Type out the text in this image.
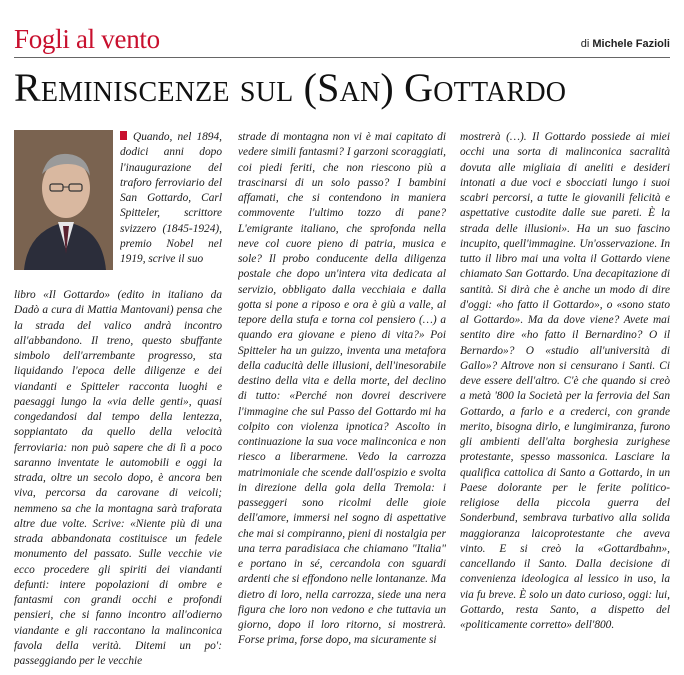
Fogli al vento	di Michele Fazioli
Reminiscenze sul (San) Gottardo

Quando, nel 1894, dodici anni dopo l'inaugurazione del traforo ferroviario del San Gottardo, Carl Spitteler, scrittore svizzero (1845-1924), premio Nobel nel 1919, scrive il suo

libro «Il Gottardo» (edito in italiano da Dadò a cura di Mattia Mantovani) pensa che la strada del valico andrà incontro all'abbandono. Il treno, questo sbuffante simbolo dell'arrembante progresso, sta liquidando l'epoca delle diligenze e dei viandanti e Spitteler racconta luoghi e paesaggi lungo la «via delle genti», quasi congedandosi dal tempo della lentezza, soppiantato da quello della velocità ferroviaria: non può sapere che di lì a poco saranno inventate le automobili e oggi la strada, oltre un secolo dopo, è ancora ben viva, percorsa da carovane di veicoli; nemmeno sa che la montagna sarà traforata altre due volte. Scrive: «Niente più di una strada abbandonata costituisce un fedele monumento del passato. Sulle vecchie vie ecco procedere gli spiriti dei viandanti defunti: intere popolazioni di ombre e fantasmi con grandi occhi e profondi pensieri, che si fanno incontro all'odierno viandante e gli raccontano la malinconica favola della verità. Ditemi un po': passeggiando per le vecchie

strade di montagna non vi è mai capitato di vedere simili fantasmi? I garzoni scoraggiati, coi piedi feriti, che non riescono più a trascinarsi di un solo passo? I bambini affamati, che si contendono in maniera commovente l'ultimo tozzo di pane? L'emigrante italiano, che sprofonda nella neve col cuore pieno di patria, musica e sole? Il probo conducente della diligenza postale che dopo un'intera vita dedicata al servizio, obbligato dalla vecchiaia e dalla gotta si pone a riposo e ora è giù a valle, al tepore della stufa e torna col pensiero (…) a quando era giovane e pieno di vita?» Poi Spitteler ha un guizzo, inventa una metafora della caducità delle illusioni, dell'inesorabile destino della vita e della morte, del declino di tutto: «Perché non dovrei descrivere l'immagine che sul Passo del Gottardo mi ha colpito con violenza ipnotica? Ascolto in continuazione la sua voce malinconica e non riesco a liberarmene. Vedo la carrozza matrimoniale che scende dall'ospizio e svolta in direzione della gola della Tremola: i passeggeri sono ricolmi delle gioie dell'amore, immersi nel sogno di aspettative che mai si compiranno, pieni di nostalgia per una terra paradisiaca che chiamano "Italia" e portano in sé, cercandola con sguardi ardenti che si effondono nelle lontananze. Ma dietro di loro, nella carrozza, siede una nera figura che loro non vedono e che tuttavia un giorno, dopo il loro ritorno, si mostrerà. Forse prima, forse dopo, ma sicuramente si

mostrerà (…). Il Gottardo possiede ai miei occhi una sorta di malinconica sacralità dovuta alle migliaia di aneliti e desideri intonati a due voci e sbocciati lungo i suoi scabri percorsi, a tutte le giovanili felicità e aspettative custodite dalle sue pareti. È la strada delle illusioni». Ha un suo fascino incupito, quell'immagine. Un'osservazione. In tutto il libro mai una volta il Gottardo viene chiamato San Gottardo. Una decapitazione di santità. Si dirà che è anche un modo di dire d'oggi: «ho fatto il Gottardo», o «sono stato al Gottardo». Ma da dove viene? Avete mai sentito dire «ho fatto il Bernardino? O il Bernardo»? O «studio all'università di Gallo»? Altrove non si censurano i Santi. Ci deve essere dell'altro. C'è che quando si creò a metà '800 la Società per la ferrovia del San Gottardo, a farlo e a crederci, con grande merito, bisogna dirlo, e lungimiranza, furono gli ambienti dell'alta borghesia zurighese protestante, spesso massonica. Lasciare la qualifica cattolica di Santo a Gottardo, in un Paese dolorante per le ferite politico-religiose della piccola guerra del Sonderbund, sembrava turbativo alla solida maggioranza laicoprotestante che aveva vinto. E si creò la «Gottardbahn», cancellando il Santo. Dalla decisione di convenienza ideologica al lessico in uso, la via fu breve. È solo un dato curioso, oggi: lui, Gottardo, resta Santo, a dispetto del «politicamente corretto» dell'800.
